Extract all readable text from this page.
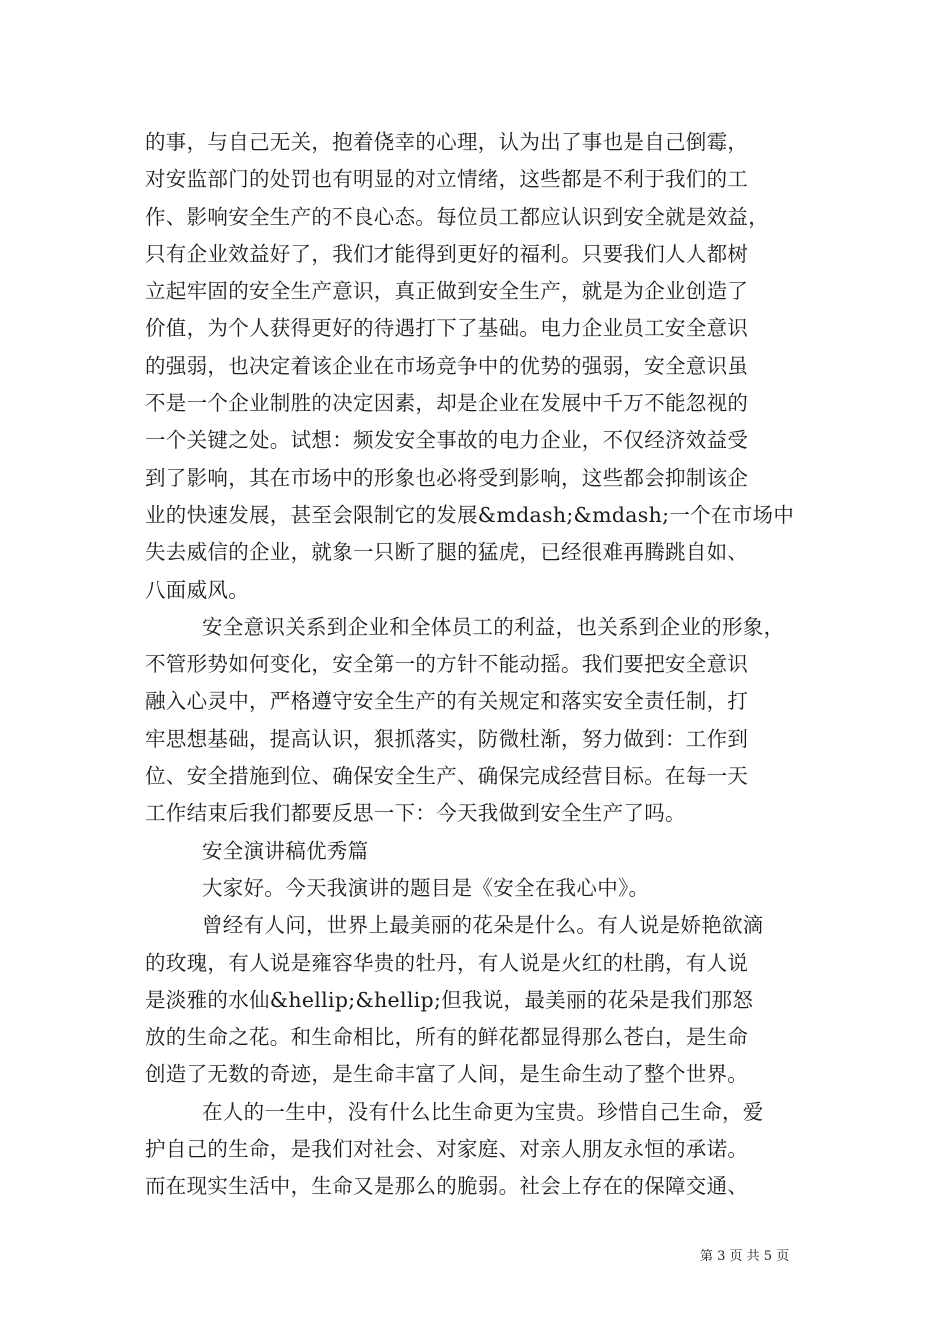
的事，与自己无关，抱着侥幸的心理，认为出了事也是自己倒霉，
对安监部门的处罚也有明显的对立情绪，这些都是不利于我们的工
作、影响安全生产的不良心态。每位员工都应认识到安全就是效益，
只有企业效益好了，我们才能得到更好的福利。只要我们人人都树
立起牢固的安全生产意识，真正做到安全生产，就是为企业创造了
价值，为个人获得更好的待遇打下了基础。电力企业员工安全意识
的强弱，也决定着该企业在市场竞争中的优势的强弱，安全意识虽
不是一个企业制胜的决定因素，却是企业在发展中千万不能忽视的
一个关键之处。试想：频发安全事故的电力企业，不仅经济效益受
到了影响，其在市场中的形象也必将受到影响，这些都会抑制该企
业的快速发展，甚至会限制它的发展&mdash;&mdash;一个在市场中
失去威信的企业，就象一只断了腿的猛虎，已经很难再腾跳自如、
八面威风。
安全意识关系到企业和全体员工的利益，也关系到企业的形象，
不管形势如何变化，安全第一的方针不能动摇。我们要把安全意识
融入心灵中，严格遵守安全生产的有关规定和落实安全责任制，打
牢思想基础，提高认识，狠抓落实，防微杜渐，努力做到：工作到
位、安全措施到位、确保安全生产、确保完成经营目标。在每一天
工作结束后我们都要反思一下：今天我做到安全生产了吗。
安全演讲稿优秀篇
大家好。今天我演讲的题目是《安全在我心中》。
曾经有人问，世界上最美丽的花朵是什么。有人说是娇艳欲滴
的玫瑰，有人说是雍容华贵的牡丹，有人说是火红的杜鹃，有人说
是淡雅的水仙&hellip;&hellip;但我说，最美丽的花朵是我们那怒
放的生命之花。和生命相比，所有的鲜花都显得那么苍白，是生命
创造了无数的奇迹，是生命丰富了人间，是生命生动了整个世界。
在人的一生中，没有什么比生命更为宝贵。珍惜自己生命，爱
护自己的生命，是我们对社会、对家庭、对亲人朋友永恒的承诺。
而在现实生活中，生命又是那么的脆弱。社会上存在的保障交通、
第 3 页 共 5 页
